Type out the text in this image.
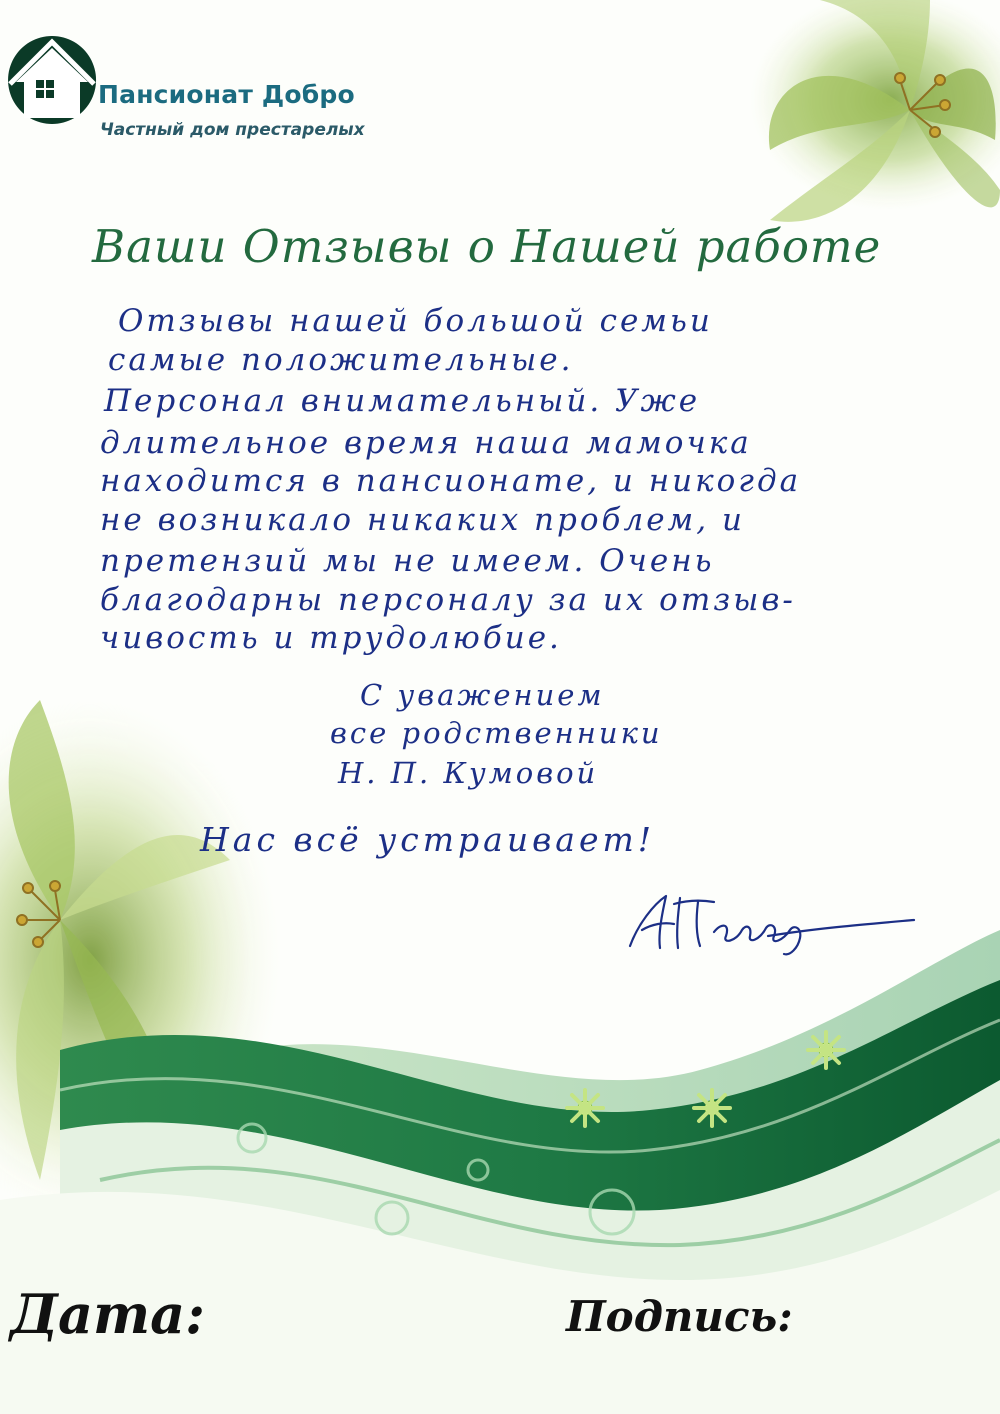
Пансионат Добро
Частный дом престарелых
Ваши Отзывы о Нашей работе
Отзывы нашей большой семьи
самые положительные.
Персонал внимательный. Уже
длительное время наша мамочка
находится в пансионате, и никогда
не возникало никаких проблем, и
претензий мы не имеем. Очень
благодарны персоналу за их отзыв-
чивость и трудолюбие.
С уважением
все родственники
Н. П. Кумовой
Нас всё устраивает!
Дата:	Подпись:
